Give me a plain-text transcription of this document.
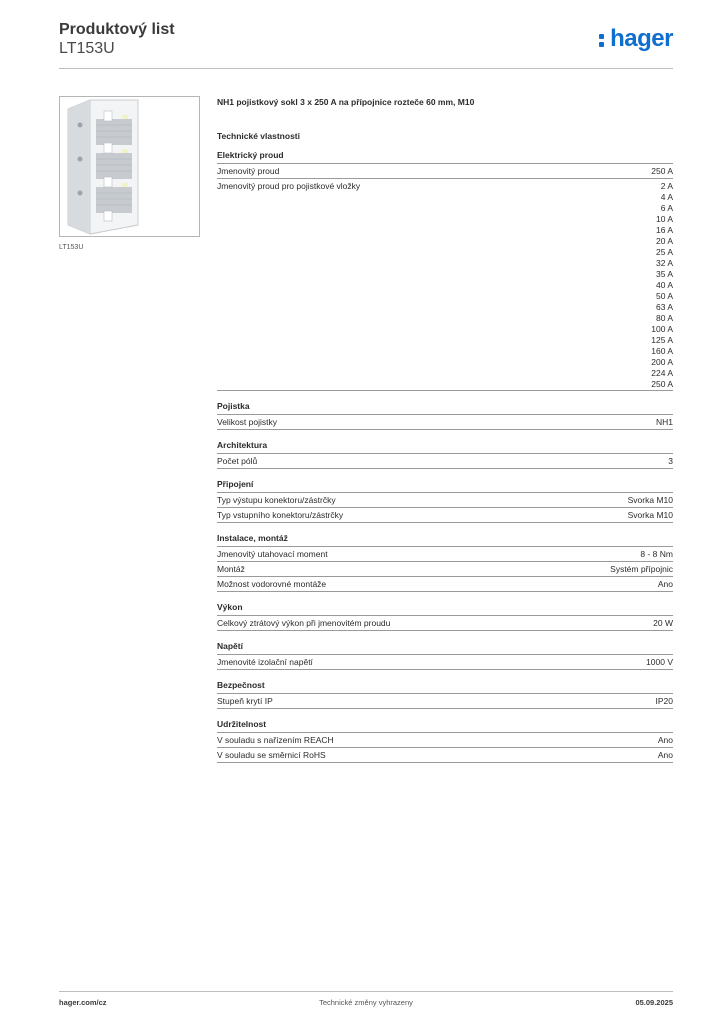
Produktový list
LT153U	hager
LT153U
NH1 pojistkový sokl 3 x 250 A na přípojnice rozteče 60 mm, M10
Technické vlastnosti
Elektrický proud
Jmenovitý proud	250 A
Jmenovitý proud pro pojistkové vložky	2 A
4 A
6 A
10 A
16 A
20 A
25 A
32 A
35 A
40 A
50 A
63 A
80 A
100 A
125 A
160 A
200 A
224 A
250 A
Pojistka
Velikost pojistky	NH1
Architektura
Počet pólů	3
Připojení
Typ výstupu konektoru/zástrčky	Svorka M10
Typ vstupního konektoru/zástrčky	Svorka M10
Instalace, montáž
Jmenovitý utahovací moment	8 - 8 Nm
Montáž	Systém přípojnic
Možnost vodorovné montáže	Ano
Výkon
Celkový ztrátový výkon při jmenovitém proudu	20 W
Napětí
Jmenovité izolační napětí	1000 V
Bezpečnost
Stupeň krytí IP	IP20
Udržitelnost
V souladu s nařízením REACH	Ano
V souladu se směrnicí RoHS	Ano
hager.com/cz	Technické změny vyhrazeny	05.09.2025
